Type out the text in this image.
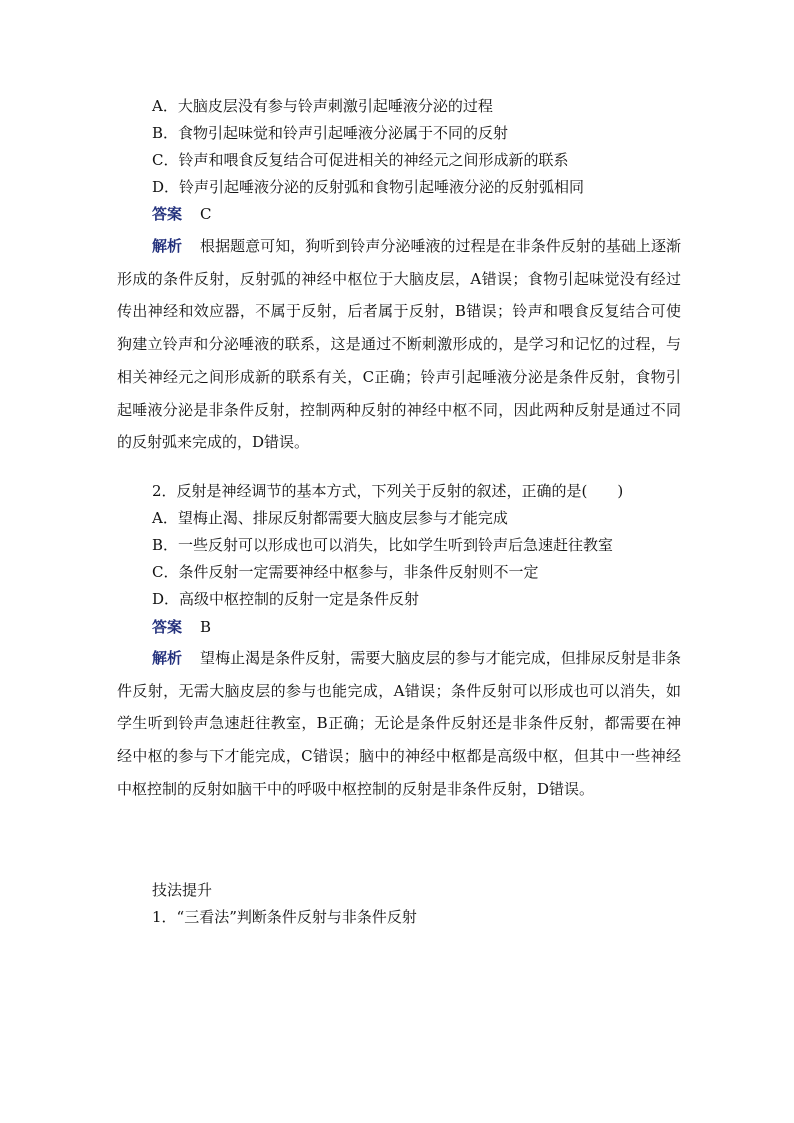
A．大脑皮层没有参与铃声刺激引起唾液分泌的过程
B．食物引起味觉和铃声引起唾液分泌属于不同的反射
C．铃声和喂食反复结合可促进相关的神经元之间形成新的联系
D．铃声引起唾液分泌的反射弧和食物引起唾液分泌的反射弧相同
答案 C
解析 根据题意可知，狗听到铃声分泌唾液的过程是在非条件反射的基础上逐渐形成的条件反射，反射弧的神经中枢位于大脑皮层，A错误；食物引起味觉没有经过传出神经和效应器，不属于反射，后者属于反射，B错误；铃声和喂食反复结合可使狗建立铃声和分泌唾液的联系，这是通过不断刺激形成的，是学习和记忆的过程，与相关神经元之间形成新的联系有关，C正确；铃声引起唾液分泌是条件反射，食物引起唾液分泌是非条件反射，控制两种反射的神经中枢不同，因此两种反射是通过不同的反射弧来完成的，D错误。
2．反射是神经调节的基本方式，下列关于反射的叙述，正确的是(　　)
A．望梅止渴、排尿反射都需要大脑皮层参与才能完成
B．一些反射可以形成也可以消失，比如学生听到铃声后急速赶往教室
C．条件反射一定需要神经中枢参与，非条件反射则不一定
D．高级中枢控制的反射一定是条件反射
答案 B
解析 望梅止渴是条件反射，需要大脑皮层的参与才能完成，但排尿反射是非条件反射，无需大脑皮层的参与也能完成，A错误；条件反射可以形成也可以消失，如学生听到铃声急速赶往教室，B正确；无论是条件反射还是非条件反射，都需要在神经中枢的参与下才能完成，C错误；脑中的神经中枢都是高级中枢，但其中一些神经中枢控制的反射如脑干中的呼吸中枢控制的反射是非条件反射，D错误。
技法提升
1．“三看法”判断条件反射与非条件反射
